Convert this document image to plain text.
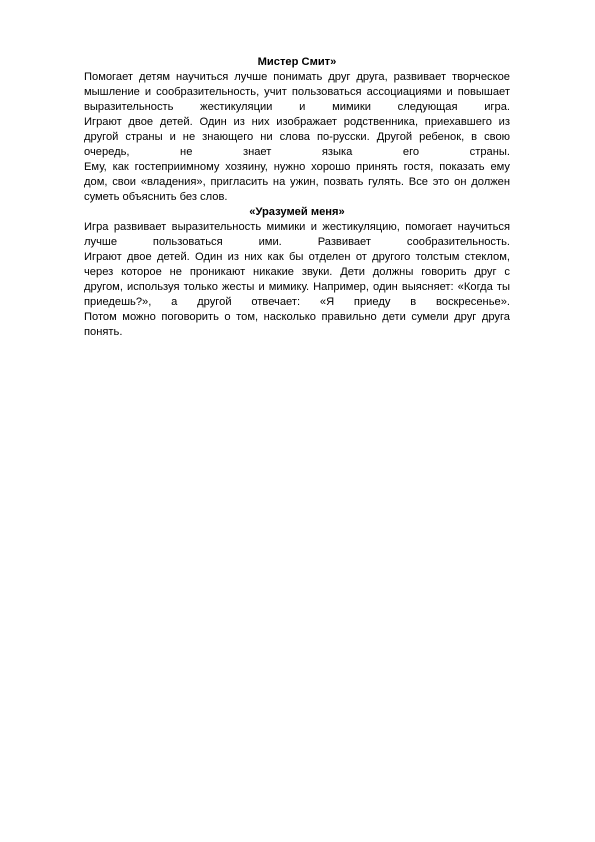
Мистер Смит»
Помогает детям научиться лучше понимать друг друга, развивает творческое
мышление и сообразительность, учит пользоваться ассоциациями и повышает
выразительность жестикуляции и мимики следующая игра.
Играют двое детей. Один из них изображает родственника, приехавшего из
другой страны и не знающего ни слова по-русски. Другой ребенок, в свою
очередь, не знает языка его страны.
Ему, как гостеприимному хозяину, нужно хорошо принять гостя, показать ему
дом, свои «владения», пригласить на ужин, позвать гулять. Все это он должен
суметь объяснить без слов.
«Уразумей меня»
Игра развивает выразительность мимики и жестикуляцию, помогает научиться
лучше пользоваться ими. Развивает сообразительность.
Играют двое детей. Один из них как бы отделен от другого толстым стеклом,
через которое не проникают никакие звуки. Дети должны говорить друг с
другом, используя только жесты и мимику. Например, один выясняет: «Когда ты
приедешь?», а другой отвечает: «Я приеду в воскресенье».
Потом можно поговорить о том, насколько правильно дети сумели друг друга
понять.
